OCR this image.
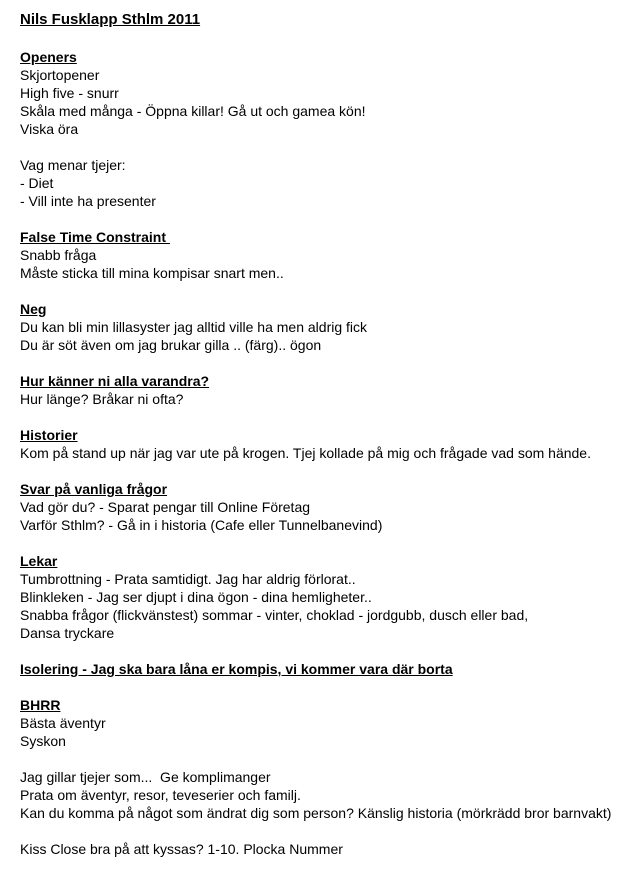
Nils Fusklapp Sthlm 2011
Openers
Skjortopener
High five - snurr
Skåla med många - Öppna killar! Gå ut och gamea kön!
Viska öra
Vag menar tjejer:
- Diet
- Vill inte ha presenter
False Time Constraint
Snabb fråga
Måste sticka till mina kompisar snart men..
Neg
Du kan bli min lillasyster jag alltid ville ha men aldrig fick
Du är söt även om jag brukar gilla .. (färg).. ögon
Hur känner ni alla varandra?
Hur länge? Bråkar ni ofta?
Historier
Kom på stand up när jag var ute på krogen. Tjej kollade på mig och frågade vad som hände.
Svar på vanliga frågor
Vad gör du? - Sparat pengar till Online Företag
Varför Sthlm? - Gå in i historia (Cafe eller Tunnelbanevind)
Lekar
Tumbrottning - Prata samtidigt. Jag har aldrig förlorat..
Blinkleken - Jag ser djupt i dina ögon - dina hemligheter..
Snabba frågor (flickvänstest) sommar - vinter, choklad - jordgubb, dusch eller bad,
Dansa tryckare
Isolering - Jag ska bara låna er kompis, vi kommer vara där borta
BHRR
Bästa äventyr
Syskon
Jag gillar tjejer som...  Ge komplimanger
Prata om äventyr, resor, teveserier och familj.
Kan du komma på något som ändrat dig som person? Känslig historia (mörkrädd bror barnvakt)
Kiss Close bra på att kyssas? 1-10. Plocka Nummer
